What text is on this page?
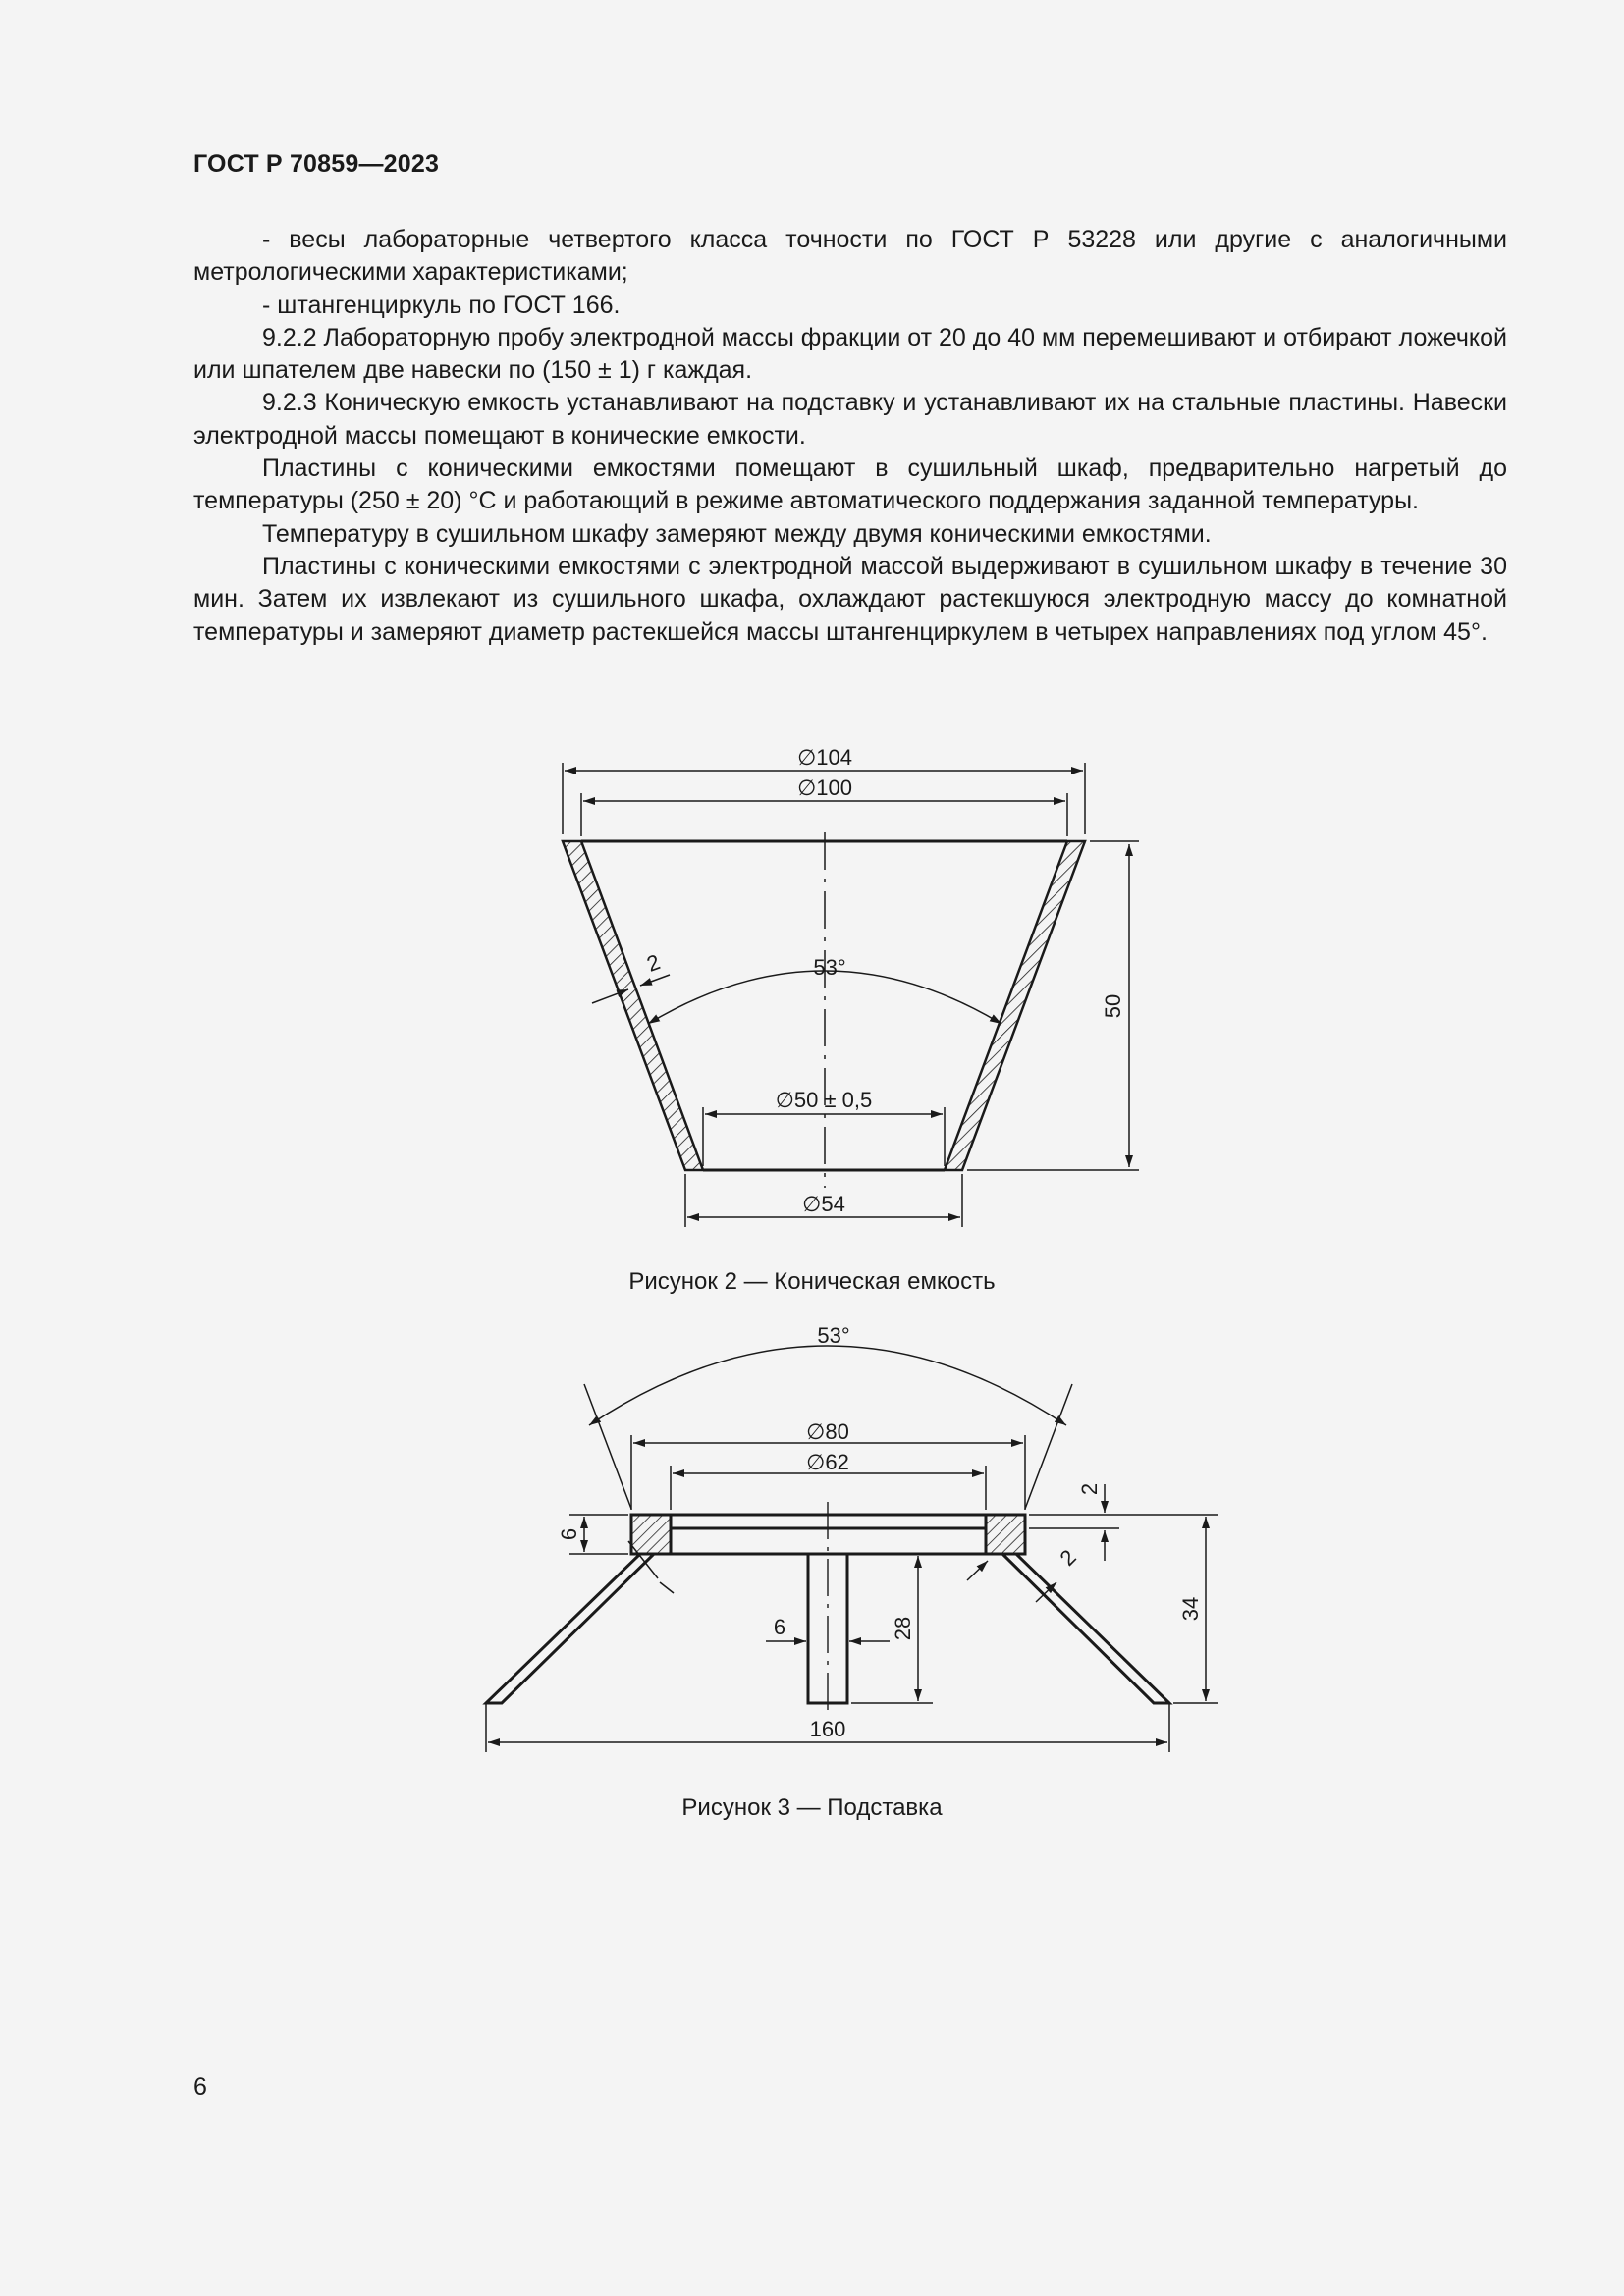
ГОСТ Р 70859—2023

- весы лабораторные четвертого класса точности по ГОСТ Р 53228 или другие с аналогичными метрологическими характеристиками;

- штангенциркуль по ГОСТ 166.

9.2.2 Лабораторную пробу электродной массы фракции от 20 до 40 мм перемешивают и отбирают ложечкой или шпателем две навески по (150 ± 1) г каждая.

9.2.3 Коническую емкость устанавливают на подставку и устанавливают их на стальные пластины. Навески электродной массы помещают в конические емкости.

Пластины с коническими емкостями помещают в сушильный шкаф, предварительно нагретый до температуры (250 ± 20) °С и работающий в режиме автоматического поддержания заданной температуры.

Температуру в сушильном шкафу замеряют между двумя коническими емкостями.

Пластины с коническими емкостями с электродной массой выдерживают в сушильном шкафу в течение 30 мин. Затем их извлекают из сушильного шкафа, охлаждают растекшуюся электродную массу до комнатной температуры и замеряют диаметр растекшейся массы штангенциркулем в четырех направлениях под углом 45°.

∅104
∅100
53°
2
50
∅50 ± 0,5
∅54
Рисунок 2 — Коническая емкость
53°
∅80
∅62
6
2
2
6	28
34
160
Рисунок 3 — Подставка
6
